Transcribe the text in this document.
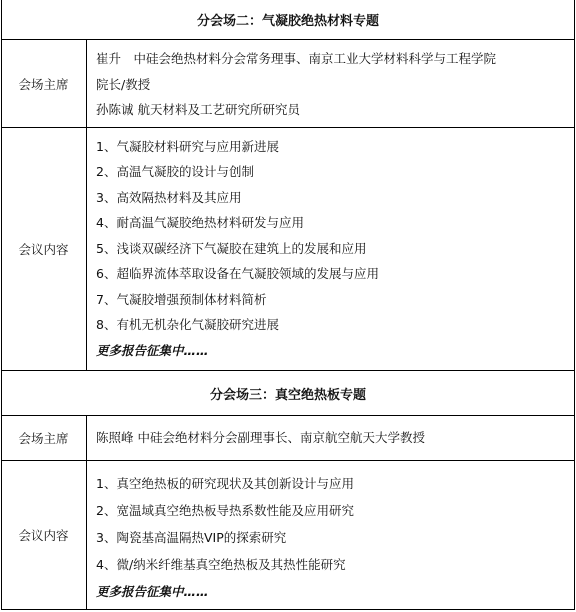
分会场二：气凝胶绝热材料专题
会场主席
崔升　中硅会绝热材料分会常务理事、南京工业大学材料科学与工程学院
院长/教授
孙陈诚 航天材料及工艺研究所研究员
会议内容
1、气凝胶材料研究与应用新进展
2、高温气凝胶的设计与创制
3、高效隔热材料及其应用
4、耐高温气凝胶绝热材料研发与应用
5、浅谈双碳经济下气凝胶在建筑上的发展和应用
6、超临界流体萃取设备在气凝胶领域的发展与应用
7、气凝胶增强预制体材料简析
8、有机无机杂化气凝胶研究进展
更多报告征集中……
分会场三：真空绝热板专题
会场主席	陈照峰 中硅会绝材料分会副理事长、南京航空航天大学教授
会议内容
1、真空绝热板的研究现状及其创新设计与应用
2、宽温域真空绝热板导热系数性能及应用研究
3、陶瓷基高温隔热VIP的探索研究
4、微/纳米纤维基真空绝热板及其热性能研究
更多报告征集中……
